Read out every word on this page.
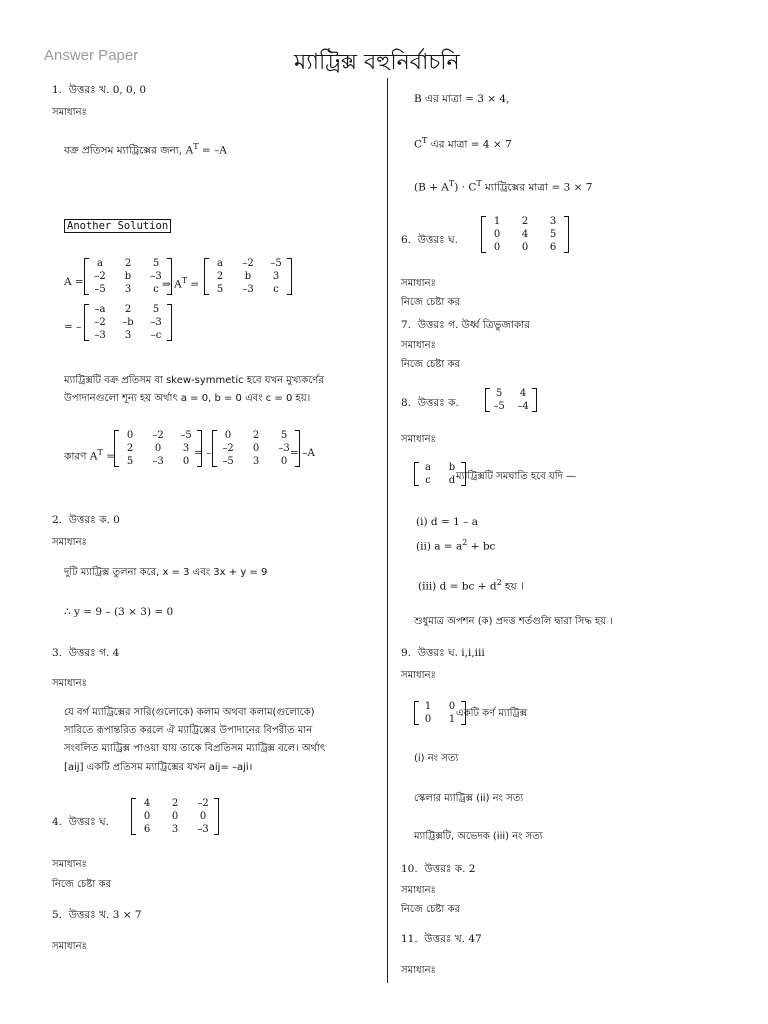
Answer Paper	ম্যাট্রিক্স বহুনির্বাচনি
1. উত্তরঃ খ. 0, 0, 0
সমাধানঃ
বক্র প্রতিসম ম্যাট্রিক্সের জন্য, $A^T = -A$
Another Solution
A =
a	2	5
–2	b	–3
–5	3	c ⇒ $A^T$ =
a	–2	–5
2	b	3
5	–3	c
= –
–a	2	5
–2	–b	–3
–3	3	–c
ম্যাট্রিক্সটি বক্র প্রতিসম বা skew-symmetic হবে যখন মুখ্যকর্ণের
উপাদানগুলো শূন্য হয় অর্থাৎ a = 0, b = 0 এবং c = 0 হয়।
কারণ $A^T$ =
0	–2	–5
2	0	3
5	–3	0
= –
0	2	5
–2	0	–3
–5	3	0
= –A
2. উত্তরঃ ক. 0
সমাধানঃ
দুটি ম্যাট্রিক্স তুলনা করে, x = 3 এবং 3x + y = 9
∴ y = 9 – (3 × 3) = 0
3. উত্তরঃ গ. 4
সমাধানঃ
যে বর্গ ম্যাট্রিক্সের সারি(গুলোকে) কলাম অথবা কলাম(গুলোকে)
সারিতে রূপান্তরিত করলে ঐ ম্যাট্রিক্সের উপাদানের বিপরীত মান
সংবলিত ম্যাট্রিক্স পাওয়া যায় তাকে বিপ্রতিসম ম্যাট্রিক্স বলে। অর্থাৎ
[aij] একটি প্রতিসম ম্যাট্রিক্সের যখন aij= –aji।
4. উত্তরঃ ঘ.
4	2	–2
0	0	0
6	3	–3
সমাধানঃ
নিজে চেষ্টা কর
5. উত্তরঃ খ. 3 × 7
সমাধানঃ
B এর মাত্রা = 3 × 4,
$C^T$ এর মাত্রা = 4 × 7
$(B + A^T) \cdot C^T$ ম্যাট্রিক্সের মাত্রা = 3 × 7
6. উত্তরঃ ঘ.
1	2	3
0	4	5
0	0	6
সমাধানঃ
নিজে চেষ্টা কর
7. উত্তরঃ গ. উর্ধ্ব ত্রিভুজাকার
সমাধানঃ
নিজে চেষ্টা কর
8. উত্তরঃ ক.
5	4
–5 –4
সমাধানঃ
a	b
c	d ম্যাট্রিক্সটি সমঘাতি হবে যদি —
(i) d = 1 – a
(ii) $a = a^2$ + bc
(iii) d = bc + $d^2$ হয় ।
শুধুমাত্র অপশন (ক) প্রদত্ত শর্তগুলি দ্বারা সিদ্ধ হয় ।
9. উত্তরঃ ঘ. i,i,iii
সমাধানঃ
1	0
0	1
একটি কর্ণ ম্যাট্রিক্স
(i) নং সত্য
স্কেলার ম্যাট্রিক্স (ii) নং সত্য
ম্যাট্রিক্সটি, অভেদক (iii) নং সত্য
10. উত্তরঃ ক. 2
সমাধানঃ
নিজে চেষ্টা কর
11. উত্তরঃ খ. 47
সমাধানঃ
